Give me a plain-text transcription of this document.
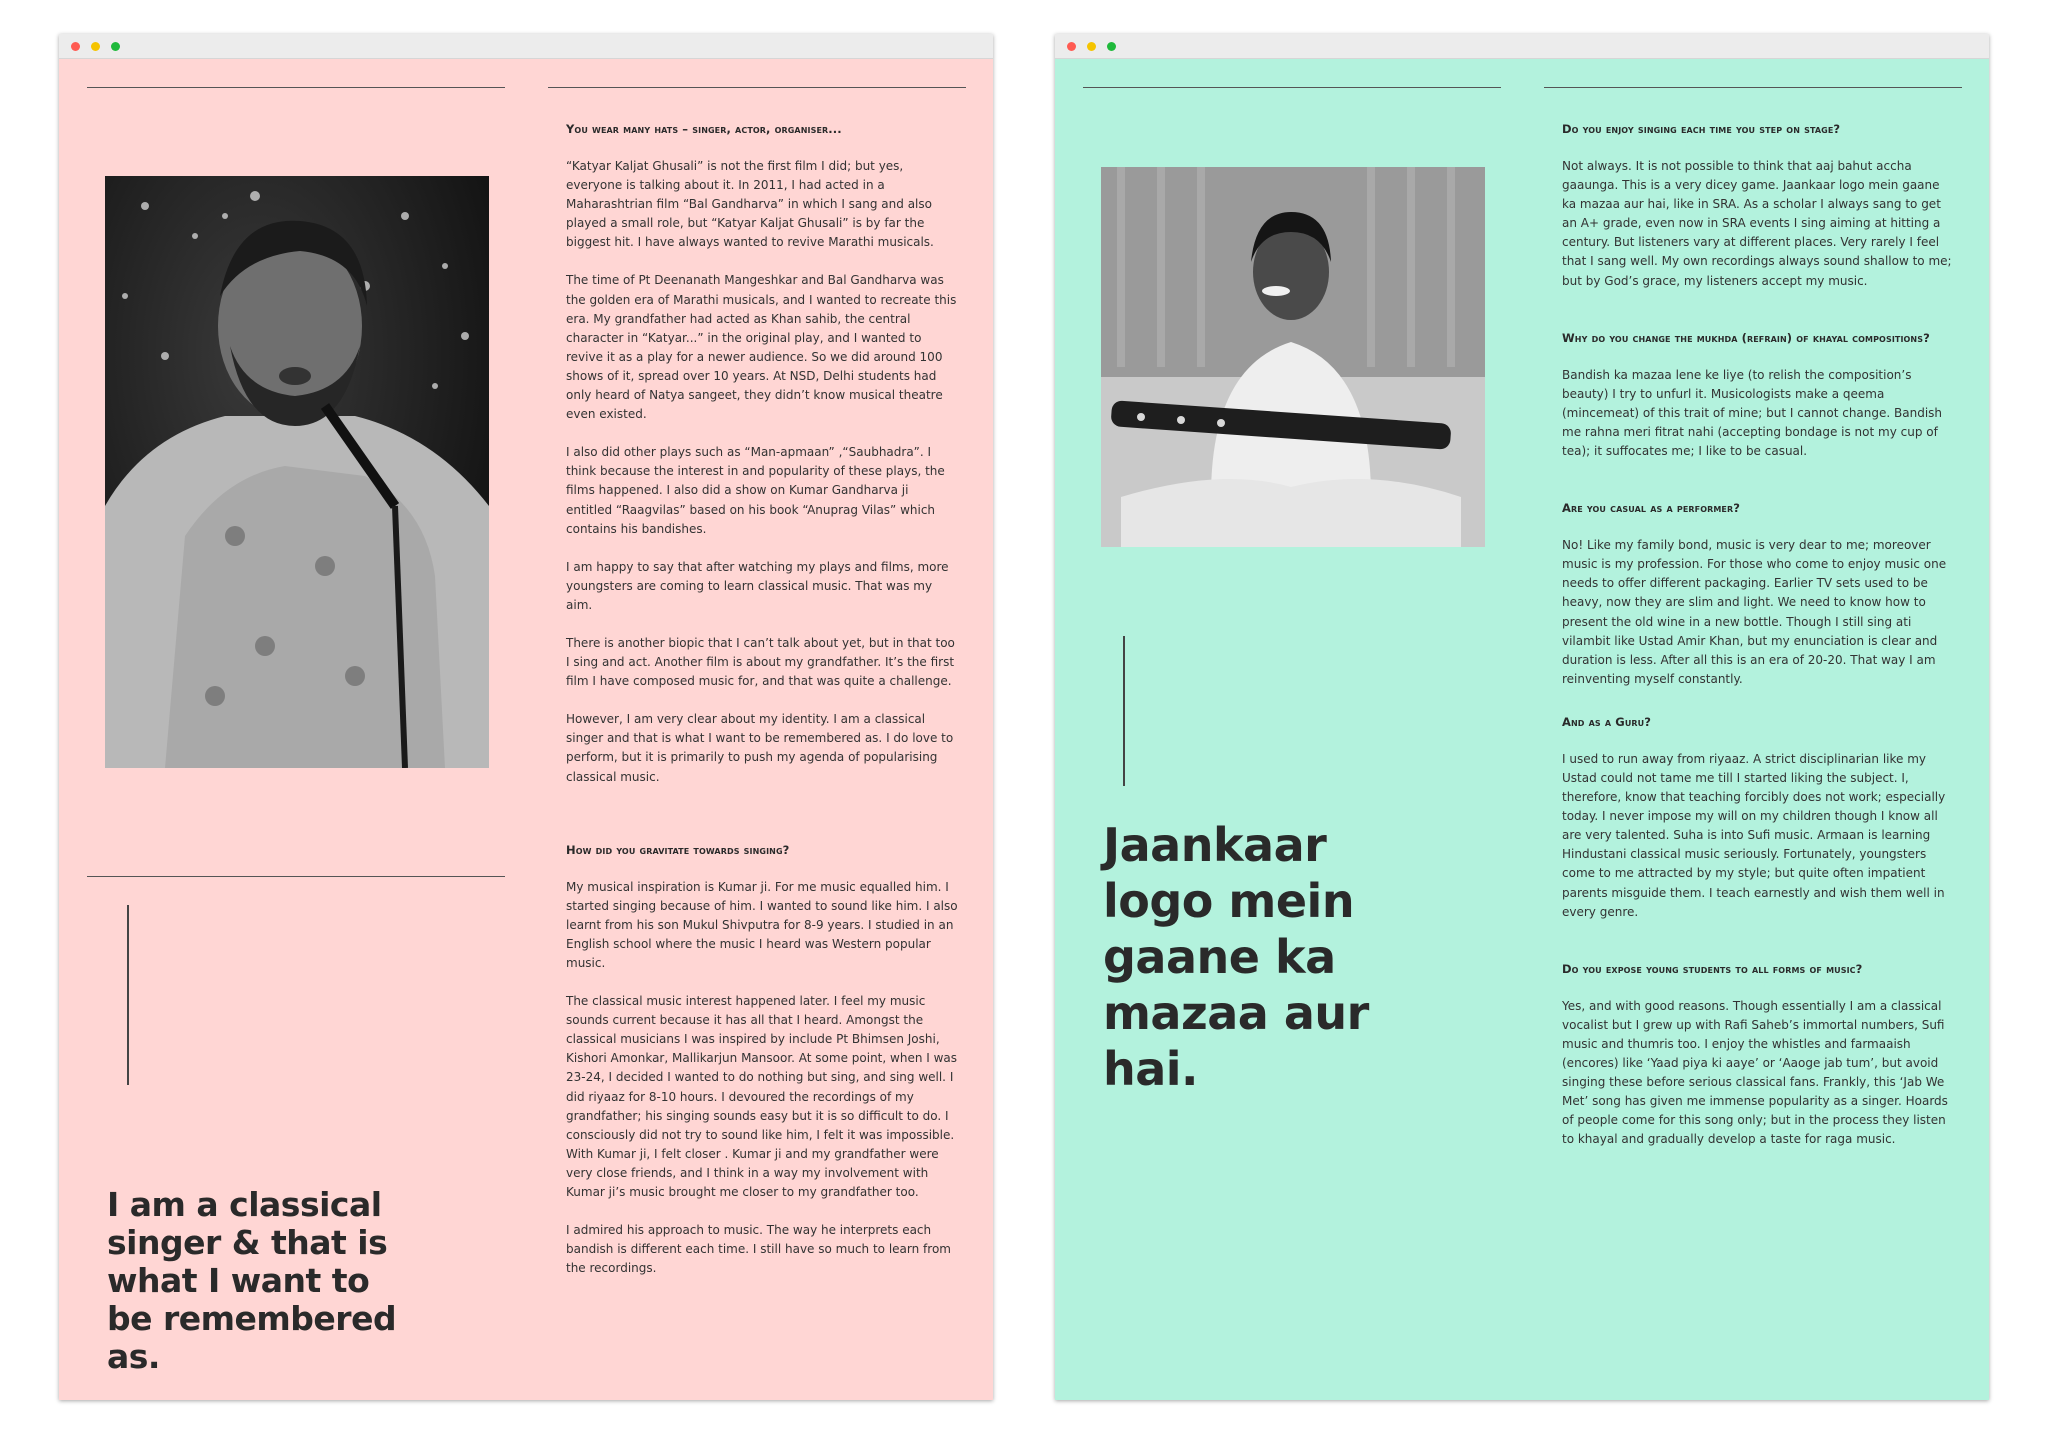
I am a classical singer & that is what I want to be remembered as.
You wear many hats – singer, actor, organiser...
“Katyar Kaljat Ghusali” is not the first film I did; but yes, everyone is talking about it. In 2011, I had acted in a Maharashtrian film “Bal Gandharva” in which I sang and also played a small role, but “Katyar Kaljat Ghusali” is by far the biggest hit. I have always wanted to revive Marathi musicals.
The time of Pt Deenanath Mangeshkar and Bal Gandharva was the golden era of Marathi musicals, and I wanted to recreate this era. My grandfather had acted as Khan sahib, the central character in “Katyar...” in the original play, and I wanted to revive it as a play for a newer audience. So we did around 100 shows of it, spread over 10 years. At NSD, Delhi students had only heard of Natya sangeet, they didn’t know musical theatre even existed.
I also did other plays such as “Man-apmaan” ,“Saubhadra”. I think because the interest in and popularity of these plays, the films happened. I also did a show on Kumar Gandharva ji entitled “Raagvilas” based on his book “Anuprag Vilas” which contains his bandishes.
I am happy to say that after watching my plays and films, more youngsters are coming to learn classical music. That was my aim.
There is another biopic that I can’t talk about yet, but in that too I sing and act. Another film is about my grandfather. It’s the first film I have composed music for, and that was quite a challenge.
However, I am very clear about my identity. I am a classical singer and that is what I want to be remembered as. I do love to perform, but it is primarily to push my agenda of popularising classical music.
How did you gravitate towards singing?
My musical inspiration is Kumar ji. For me music equalled him. I started singing because of him. I wanted to sound like him. I also learnt from his son Mukul Shivputra for 8-9 years. I studied in an English school where the music I heard was Western popular music.
The classical music interest happened later. I feel my music sounds current because it has all that I heard. Amongst the classical musicians I was inspired by include Pt Bhimsen Joshi, Kishori Amonkar, Mallikarjun Mansoor. At some point, when I was 23-24, I decided I wanted to do nothing but sing, and sing well. I did riyaaz for 8-10 hours. I devoured the recordings of my grandfather; his singing sounds easy but it is so difficult to do. I consciously did not try to sound like him, I felt it was impossible. With Kumar ji, I felt closer . Kumar ji and my grandfather were very close friends, and I think in a way my involvement with Kumar ji’s music brought me closer to my grandfather too.
I admired his approach to music. The way he interprets each bandish is different each time. I still have so much to learn from the recordings.
Jaankaar logo mein gaane ka mazaa aur hai.
Do you enjoy singing each time you step on stage?
Not always. It is not possible to think that aaj bahut accha gaaunga. This is a very dicey game. Jaankaar logo mein gaane ka mazaa aur hai, like in SRA. As a scholar I always sang to get an A+ grade, even now in SRA events I sing aiming at hitting a century. But listeners vary at different places. Very rarely I feel that I sang well. My own recordings always sound shallow to me; but by God’s grace, my listeners accept my music.
Why do you change the mukhda (refrain) of khayal compositions?
Bandish ka mazaa lene ke liye (to relish the composition’s beauty) I try to unfurl it. Musicologists make a qeema (mincemeat) of this trait of mine; but I cannot change. Bandish me rahna meri fitrat nahi (accepting bondage is not my cup of tea); it suffocates me; I like to be casual.
Are you casual as a performer?
No! Like my family bond, music is very dear to me; moreover music is my profession. For those who come to enjoy music one needs to offer different packaging. Earlier TV sets used to be heavy, now they are slim and light. We need to know how to present the old wine in a new bottle. Though I still sing ati vilambit like Ustad Amir Khan, but my enunciation is clear and duration is less. After all this is an era of 20-20. That way I am reinventing myself constantly.
And as a Guru?
I used to run away from riyaaz. A strict disciplinarian like my Ustad could not tame me till I started liking the subject. I, therefore, know that teaching forcibly does not work; especially today. I never impose my will on my children though I know all are very talented. Suha is into Sufi music. Armaan is learning Hindustani classical music seriously. Fortunately, youngsters come to me attracted by my style; but quite often impatient parents misguide them. I teach earnestly and wish them well in every genre.
Do you expose young students to all forms of music?
Yes, and with good reasons. Though essentially I am a classical vocalist but I grew up with Rafi Saheb’s immortal numbers, Sufi music and thumris too. I enjoy the whistles and farmaaish (encores) like ‘Yaad piya ki aaye’ or ‘Aaoge jab tum’, but avoid singing these before serious classical fans. Frankly, this ‘Jab We Met’ song has given me immense popularity as a singer. Hoards of people come for this song only; but in the process they listen to khayal and gradually develop a taste for raga music.
